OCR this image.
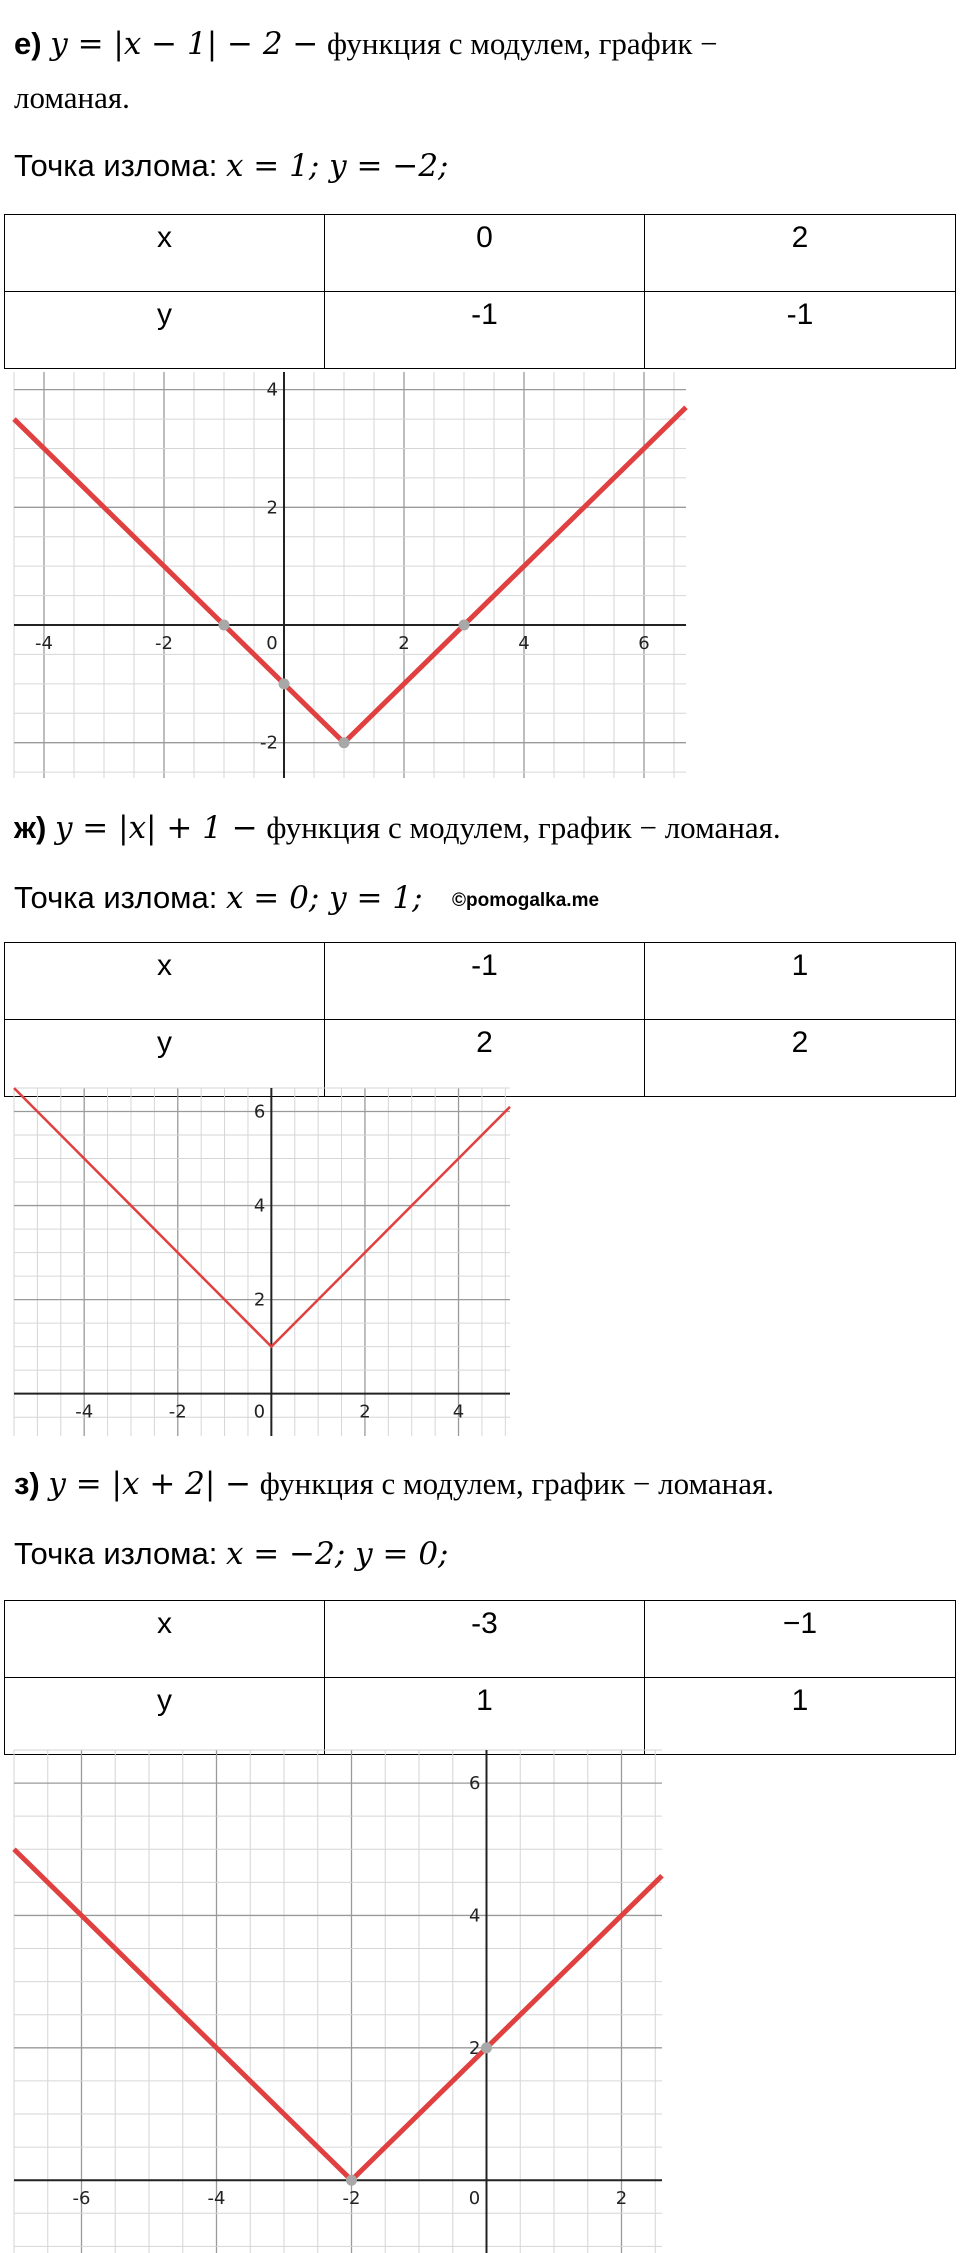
е) y = |x − 1| − 2 − функция с модулем, график −
ломаная.
Точка излома: x = 1; y = −2;
x	0	2
y	-1	-1
-4	-2	0	2	4	6
-2
2
4
ж) y = |x| + 1 − функция с модулем, график − ломаная.
Точка излома: x = 0; y = 1; ©pomogalka.me
x	-1	1
y	2	2
-4	-2	0	2	4
2
4
6
з) y = |x + 2| − функция с модулем, график − ломаная.
Точка излома: x = −2; y = 0;
x	-3	−1
y	1	1
-6	-4	-2	0	2
2
4
6
